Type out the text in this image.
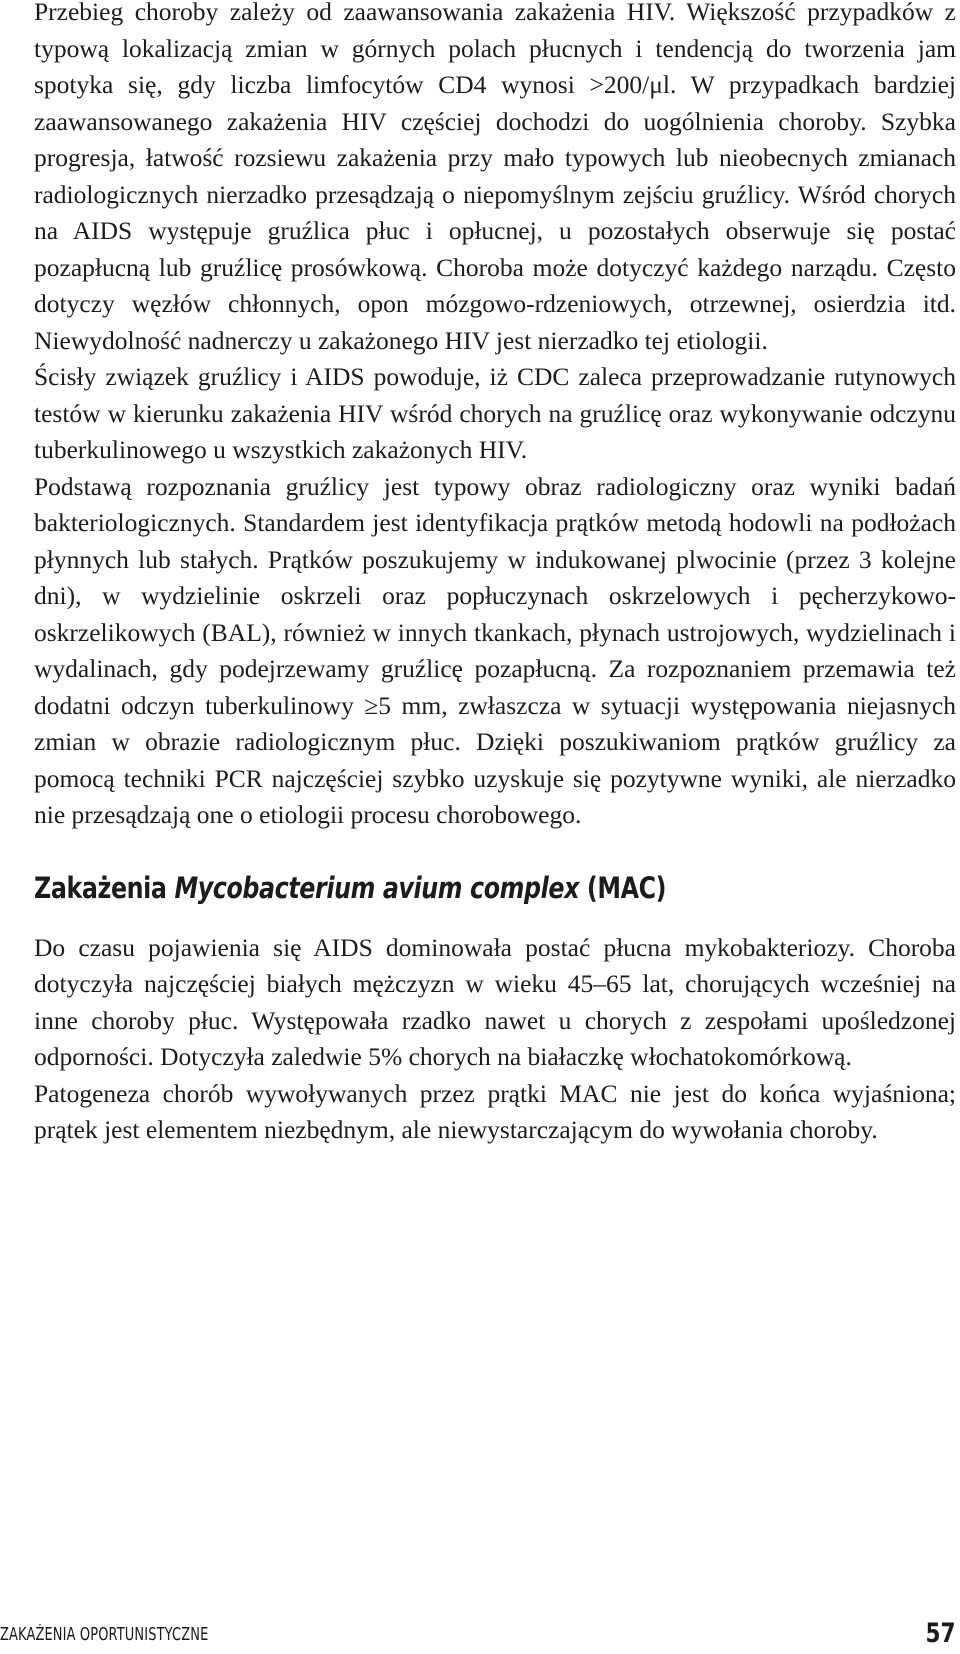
Przebieg choroby zależy od zaawansowania zakażenia HIV. Większość przypadków z typową lokalizacją zmian w górnych polach płucnych i tendencją do tworzenia jam spotyka się, gdy liczba limfocytów CD4 wynosi >200/μl. W przypadkach bardziej zaawansowanego zakażenia HIV częściej dochodzi do uogólnienia choroby. Szybka progresja, łatwość rozsiewu zakażenia przy mało typowych lub nieobecnych zmianach radiologicznych nierzadko przesądzają o niepomyślnym zejściu gruźlicy. Wśród chorych na AIDS występuje gruźlica płuc i opłucnej, u pozostałych obserwuje się postać pozapłucną lub gruźlicę prosówkową. Choroba może dotyczyć każdego narządu. Często dotyczy węzłów chłonnych, opon mózgowo-rdzeniowych, otrzewnej, osierdzia itd. Niewydolność nadnerczy u zakażonego HIV jest nierzadko tej etiologii.

Ścisły związek gruźlicy i AIDS powoduje, iż CDC zaleca przeprowadzanie rutynowych testów w kierunku zakażenia HIV wśród chorych na gruźlicę oraz wykonywanie odczynu tuberkulinowego u wszystkich zakażonych HIV.

Podstawą rozpoznania gruźlicy jest typowy obraz radiologiczny oraz wyniki badań bakteriologicznych. Standardem jest identyfikacja prątków metodą hodowli na podłożach płynnych lub stałych. Prątków poszukujemy w indukowanej plwocinie (przez 3 kolejne dni), w wydzielinie oskrzeli oraz popłuczynach oskrzelowych i pęcherzykowo-oskrzelikowych (BAL), również w innych tkankach, płynach ustrojowych, wydzielinach i wydalinach, gdy podejrzewamy gruźlicę pozapłucną. Za rozpoznaniem przemawia też dodatni odczyn tuberkulinowy ≥5 mm, zwłaszcza w sytuacji występowania niejasnych zmian w obrazie radiologicznym płuc. Dzięki poszukiwaniom prątków gruźlicy za pomocą techniki PCR najczęściej szybko uzyskuje się pozytywne wyniki, ale nierzadko nie przesądzają one o etiologii procesu chorobowego.

Zakażenia Mycobacterium avium complex (MAC)

Do czasu pojawienia się AIDS dominowała postać płucna mykobakteriozy. Choroba dotyczyła najczęściej białych mężczyzn w wieku 45–65 lat, chorujących wcześniej na inne choroby płuc. Występowała rzadko nawet u chorych z zespołami upośledzonej odporności. Dotyczyła zaledwie 5% chorych na białaczkę włochatokomórkową.

Patogeneza chorób wywoływanych przez prątki MAC nie jest do końca wyjaśniona; prątek jest elementem niezbędnym, ale niewystarczającym do wywołania choroby.

ZAKAŻENIA OPORTUNISTYCZNE	57
